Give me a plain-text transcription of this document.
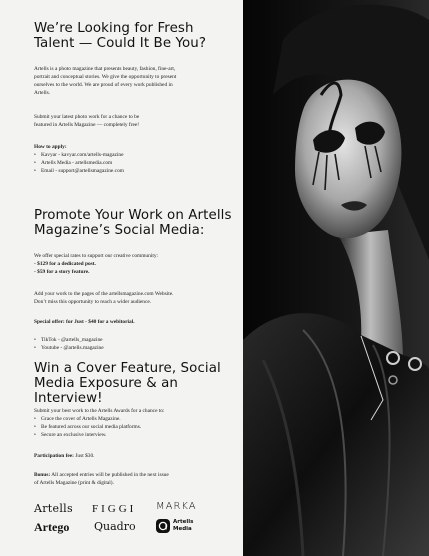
We’re Looking for Fresh
Talent — Could It Be You?

Artells is a photo magazine that presents beauty, fashion, fine-art,

portrait and conceptual stories. We give the opportunity to present

ourselves to the world. We are proud of every work published in

Artells.

Submit your latest photo work for a chance to be

featured in Artells Magazine — completely free!

How to apply:

• Kavyar - kavyar.com/artells-magazine
• Artells Media - artellsmedia.com
• Email - support@artellsmagazine.com
Promote Your Work on Artells
Magazine’s Social Media:

We offer special rates to support our creative community:

- $129 for a dedicated post.

- $59 for a story feature.

Add your work to the pages of the artellsmagazine.com Website.

Don’t miss this opportunity to reach a wider audience.

Special offer: for Just - $40 for a webitorial.

• TikTok - @artells_magazine
• Youtube - @artells.magazine
Win a Cover Feature, Social
Media Exposure & an Interview!

Submit your best work to the Artells Awards for a chance to:

• Grace the cover of Artells Magazine.
• Be featured across our social media platforms.
• Secure an exclusive interview.

Participation fee: Just $30.

Bonus: All accepted entries will be published in the next issue

of Artells Magazine (print & digital).

Artells FIGGI MARKA
Artego Quadro	Artells
Media
